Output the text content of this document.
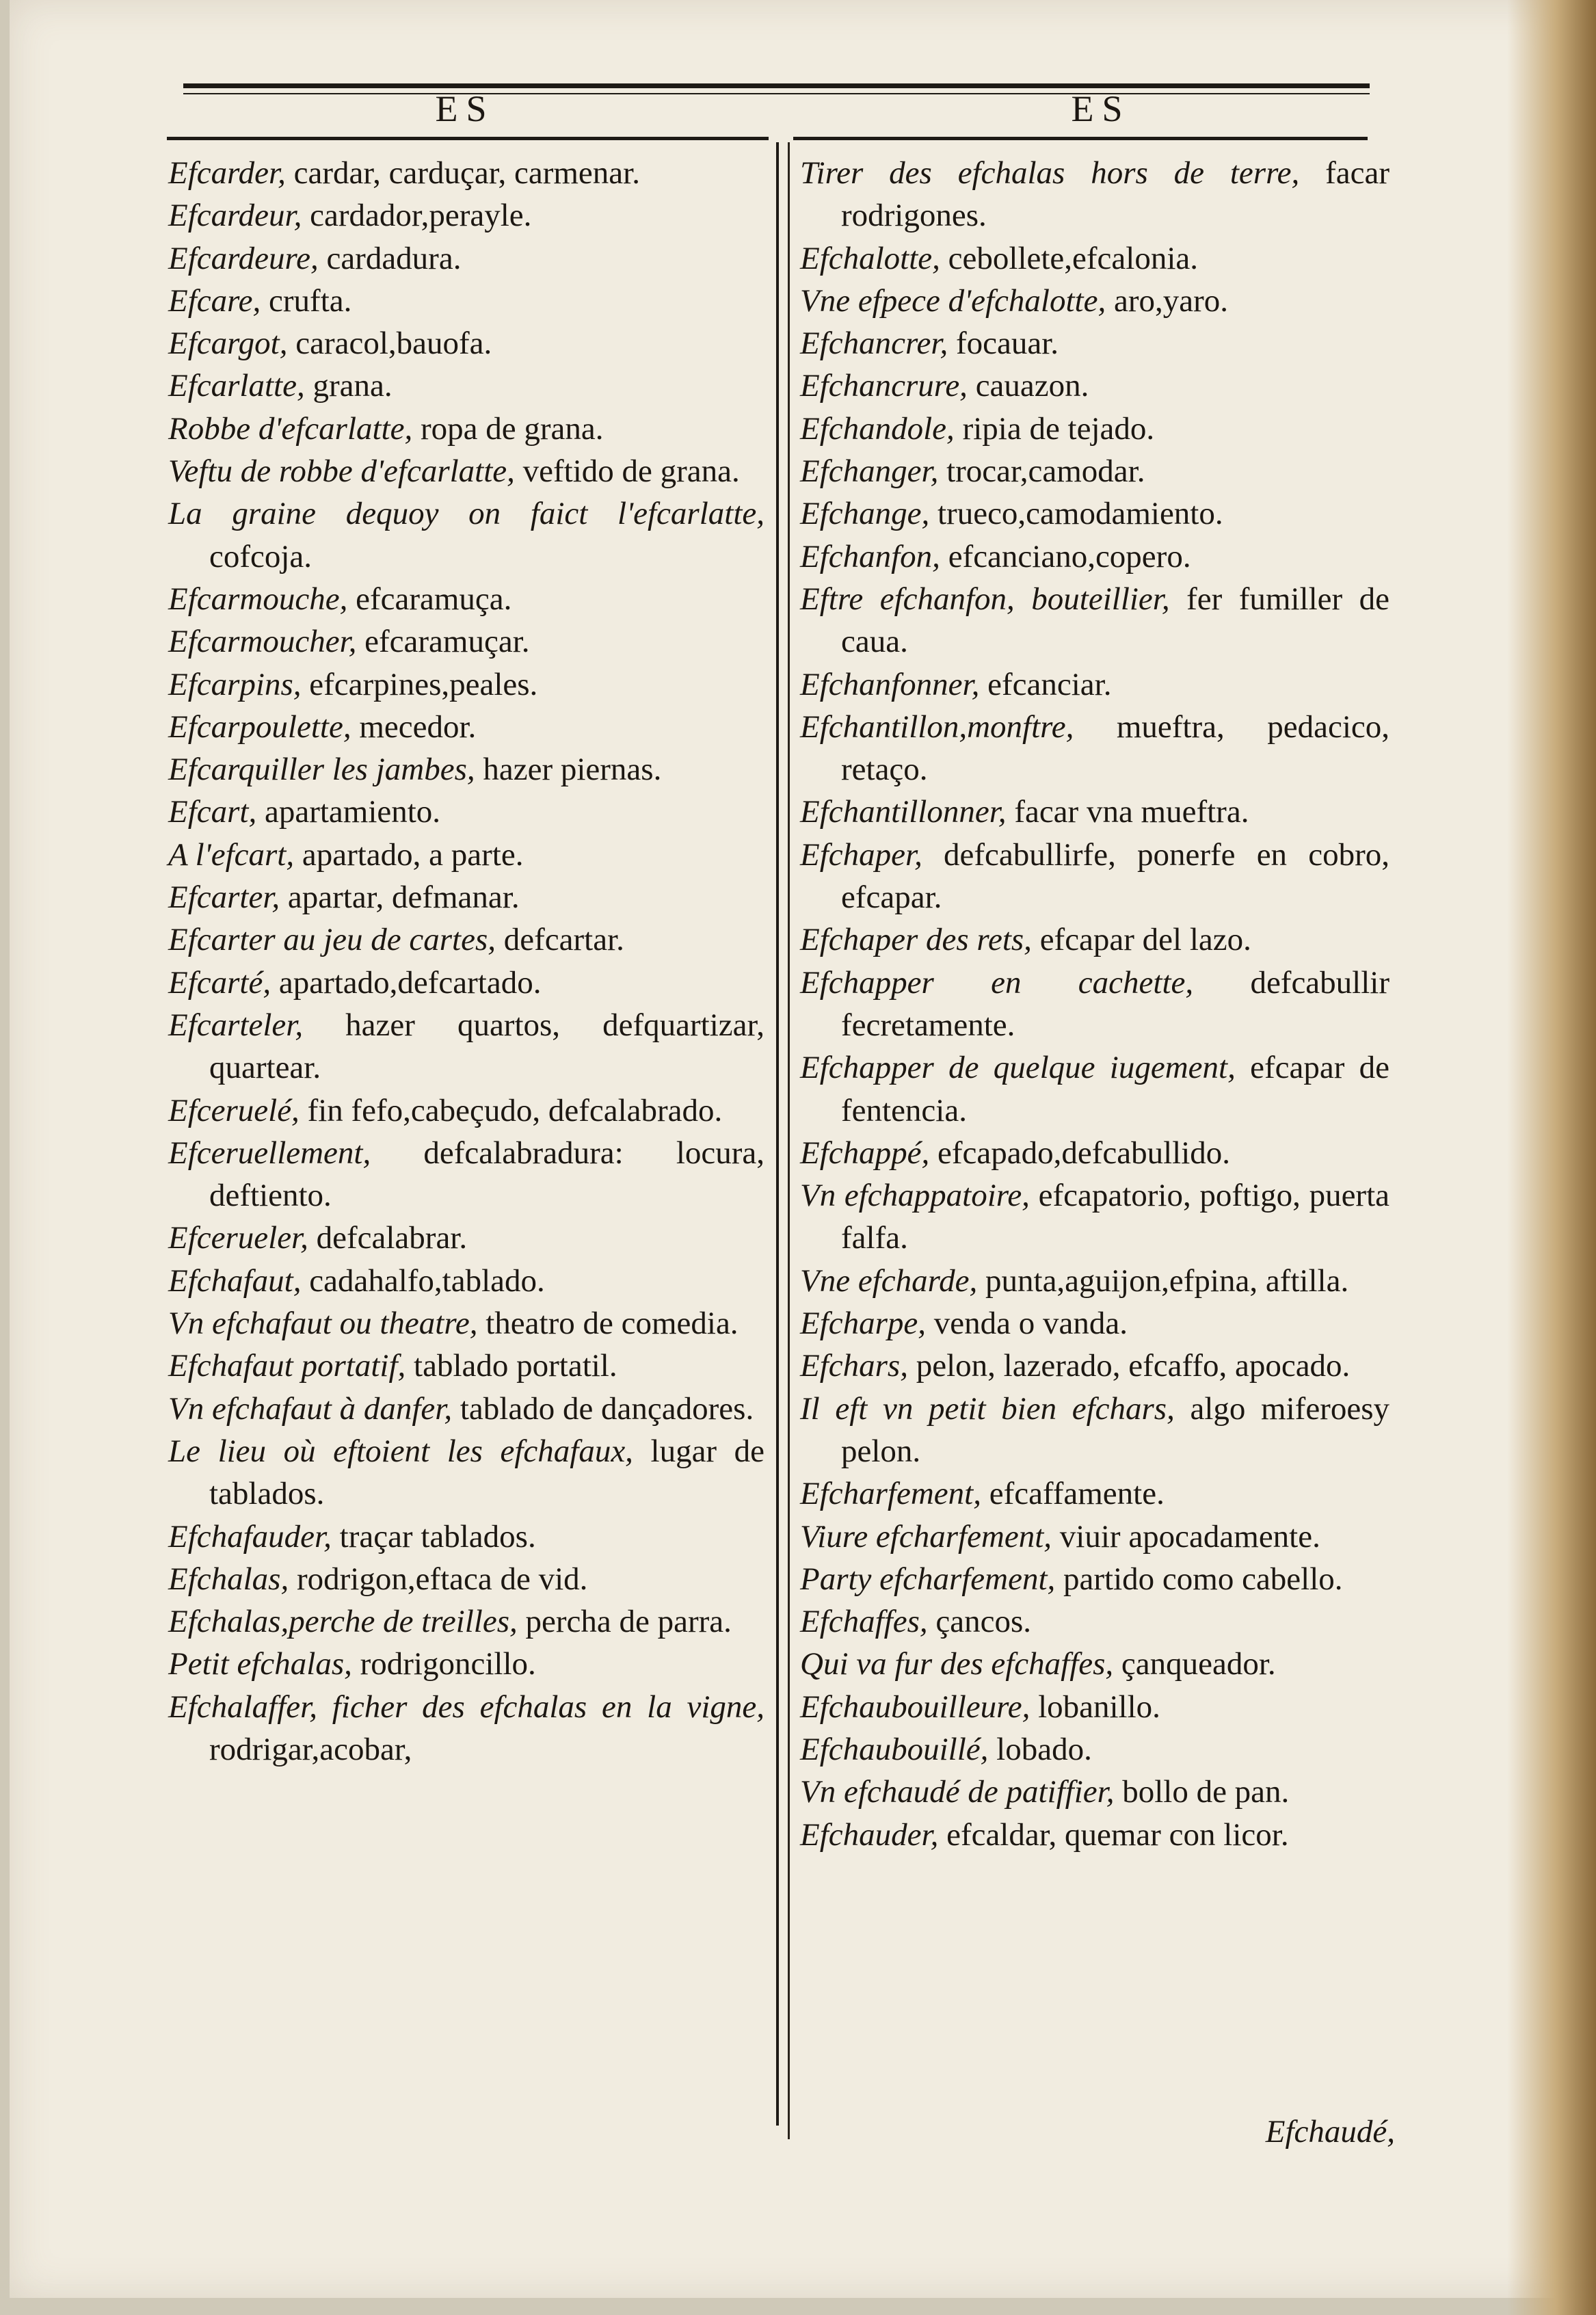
ES	ES
Efcarder, cardar, carduçar, carmenar.
Efcardeur, cardador,perayle.
Efcardeure, cardadura.
Efcare, crufta.
Efcargot, caracol,bauofa.
Efcarlatte, grana.
Robbe d'efcarlatte, ropa de grana.
Veftu de robbe d'efcarlatte, veftido de grana.
La graine dequoy on faict l'efcarlatte, cofcoja.
Efcarmouche, efcaramuça.
Efcarmoucher, efcaramuçar.
Efcarpins, efcarpines,peales.
Efcarpoulette, mecedor.
Efcarquiller les jambes, hazer piernas.
Efcart, apartamiento.
A l'efcart, apartado, a parte.
Efcarter, apartar, defmanar.
Efcarter au jeu de cartes, defcartar.
Efcarté, apartado,defcartado.
Efcarteler, hazer quartos, defquartizar, quartear.
Efceruelé, fin fefo,cabeçudo, defcalabrado.
Efceruellement, defcalabradura: locura, deftiento.
Efcerueler, defcalabrar.
Efchafaut, cadahalfo,tablado.
Vn efchafaut ou theatre, theatro de comedia.
Efchafaut portatif, tablado portatil.
Vn efchafaut à danfer, tablado de dançadores.
Le lieu où eftoient les efchafaux, lugar de tablados.
Efchafauder, traçar tablados.
Efchalas, rodrigon,eftaca de vid.
Efchalas,perche de treilles, percha de parra.
Petit efchalas, rodrigoncillo.
Efchalaffer, ficher des efchalas en la vigne, rodrigar,acobar,
Tirer des efchalas hors de terre, facar rodrigones.
Efchalotte, cebollete,efcalonia.
Vne efpece d'efchalotte, aro,yaro.
Efchancrer, focauar.
Efchancrure, cauazon.
Efchandole, ripia de tejado.
Efchanger, trocar,camodar.
Efchange, trueco,camodamiento.
Efchanfon, efcanciano,copero.
Eftre efchanfon, bouteillier, fer fumiller de caua.
Efchanfonner, efcanciar.
Efchantillon,monftre, mueftra, pedacico, retaço.
Efchantillonner, facar vna mueftra.
Efchaper, defcabullirfe, ponerfe en cobro, efcapar.
Efchaper des rets, efcapar del lazo.
Efchapper en cachette, defcabullir fecretamente.
Efchapper de quelque iugement, efcapar de fentencia.
Efchappé, efcapado,defcabullido.
Vn efchappatoire, efcapatorio, poftigo, puerta falfa.
Vne efcharde, punta,aguijon,efpina, aftilla.
Efcharpe, venda o vanda.
Efchars, pelon, lazerado, efcaffo, apocado.
Il eft vn petit bien efchars, algo miferoesy pelon.
Efcharfement, efcaffamente.
Viure efcharfement, viuir apocadamente.
Party efcharfement, partido como cabello.
Efchaffes, çancos.
Qui va fur des efchaffes, çanqueador.
Efchaubouilleure, lobanillo.
Efchaubouillé, lobado.
Vn efchaudé de patiffier, bollo de pan.
Efchauder, efcaldar, quemar con licor.
Efchaudé,
